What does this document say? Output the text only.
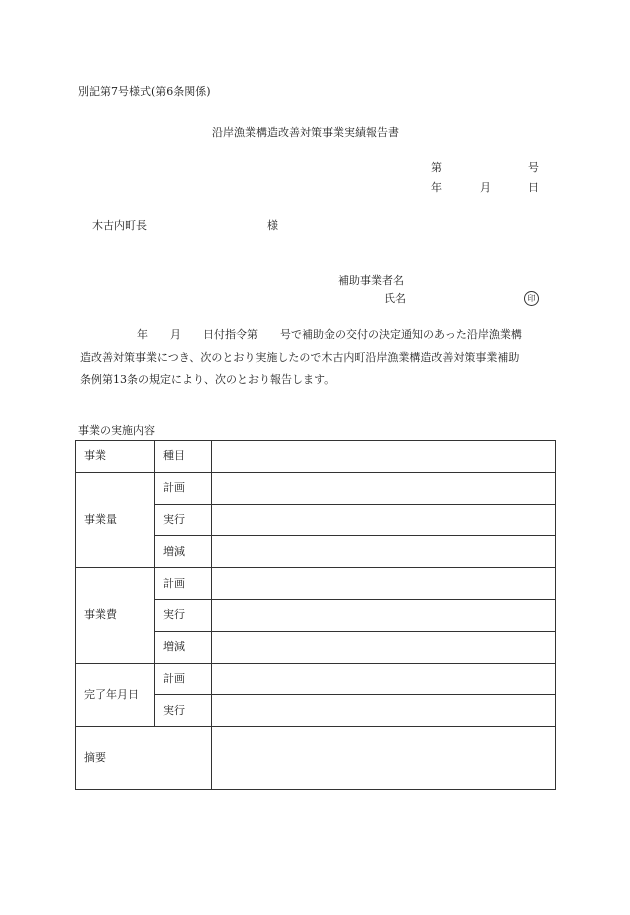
別記第7号様式(第6条関係)
沿岸漁業構造改善対策事業実績報告書
第	号
年	月	日
木古内町長	様
補助事業者名
氏名	印
年　　月　　日付指令第　　号で補助金の交付の決定通知のあった沿岸漁業構
造改善対策事業につき、次のとおり実施したので木古内町沿岸漁業構造改善対策事業補助
条例第13条の規定により、次のとおり報告します。
事業の実施内容
事業	種目	
事業量	計画	
	実行	
	増減	
事業費	計画	
	実行	
	増減	
完了年月日	計画	
	実行	
摘要		
